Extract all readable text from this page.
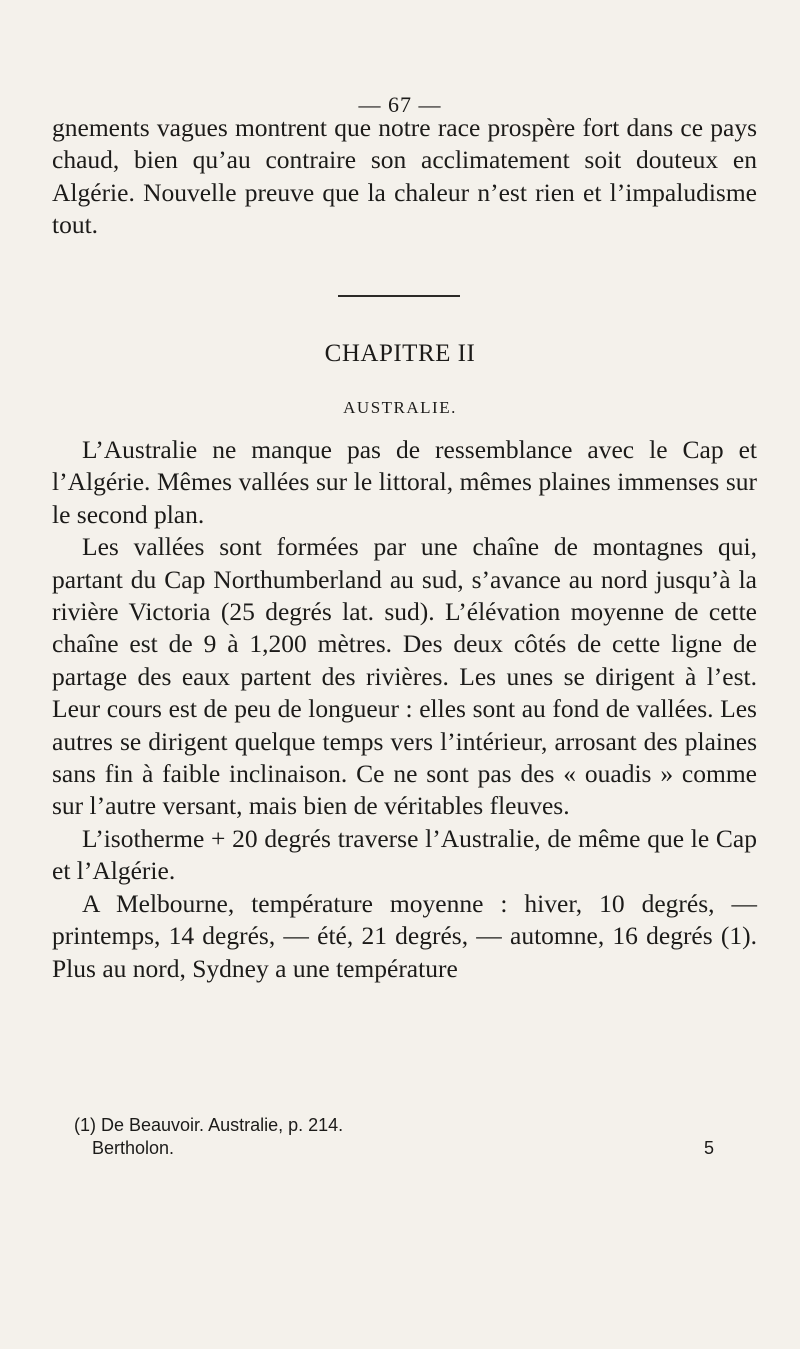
— 67 —

gnements vagues montrent que notre race prospère fort dans ce pays chaud, bien qu’au contraire son acclimatement soit douteux en Algérie. Nouvelle preuve que la chaleur n’est rien et l’impaludisme tout.

CHAPITRE II
AUSTRALIE.

L’Australie ne manque pas de ressemblance avec le Cap et l’Algérie. Mêmes vallées sur le littoral, mêmes plaines immenses sur le second plan.

Les vallées sont formées par une chaîne de montagnes qui, partant du Cap Northumberland au sud, s’avance au nord jusqu’à la rivière Victoria (25 degrés lat. sud). L’élévation moyenne de cette chaîne est de 9 à 1,200 mètres. Des deux côtés de cette ligne de partage des eaux partent des rivières. Les unes se dirigent à l’est. Leur cours est de peu de longueur : elles sont au fond de vallées. Les autres se dirigent quelque temps vers l’intérieur, arrosant des plaines sans fin à faible inclinaison. Ce ne sont pas des « ouadis » comme sur l’autre versant, mais bien de véritables fleuves.

L’isotherme + 20 degrés traverse l’Australie, de même que le Cap et l’Algérie.

A Melbourne, température moyenne : hiver, 10 degrés, — printemps, 14 degrés, — été, 21 degrés, — automne, 16 degrés (1). Plus au nord, Sydney a une température

(1) De Beauvoir. Australie, p. 214.
Bertholon.	5
